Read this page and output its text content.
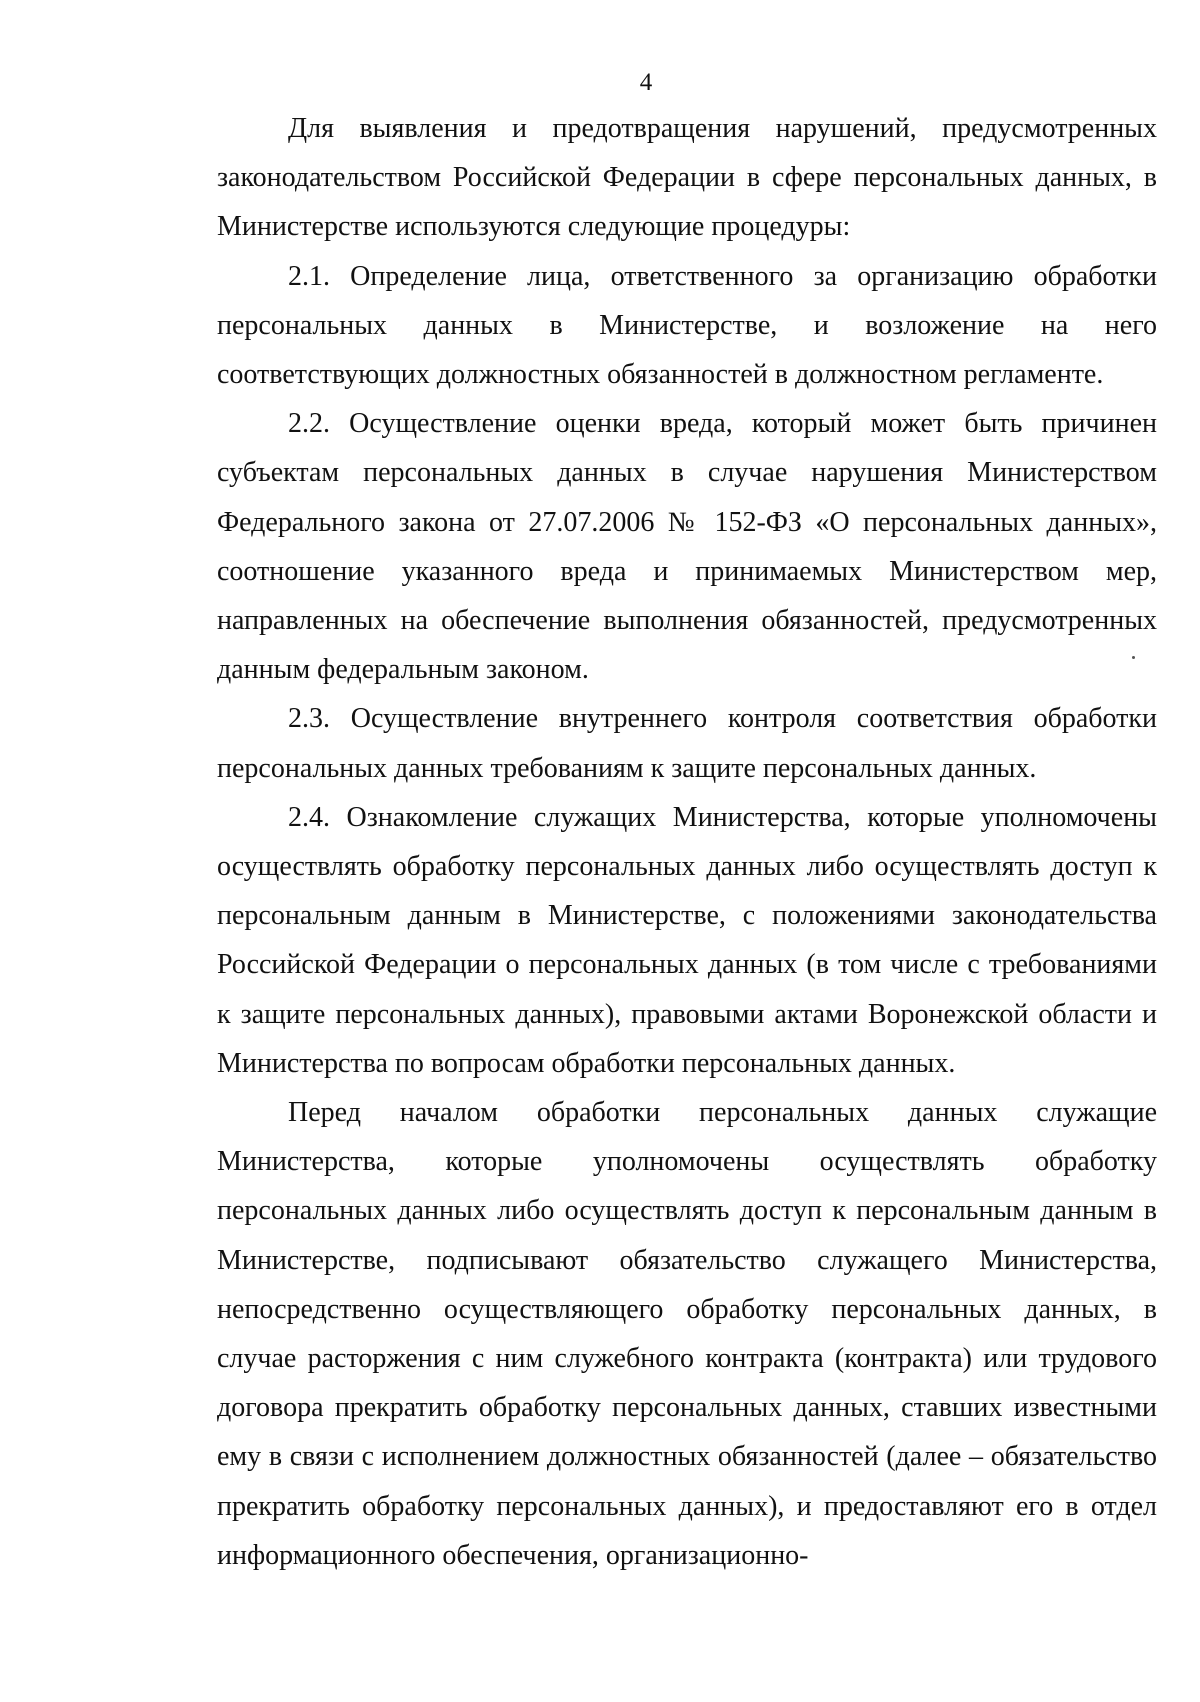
4

Для выявления и предотвращения нарушений, предусмотренных законодательством Российской Федерации в сфере персональных данных, в Министерстве используются следующие процедуры:

2.1. Определение лица, ответственного за организацию обработки персональных данных в Министерстве, и возложение на него соответствующих должностных обязанностей в должностном регламенте.

2.2. Осуществление оценки вреда, который может быть причинен субъектам персональных данных в случае нарушения Министерством Федерального закона от 27.07.2006 № 152-ФЗ «О персональных данных», соотношение указанного вреда и принимаемых Министерством мер, направленных на обеспечение выполнения обязанностей, предусмотренных данным федеральным законом.

2.3. Осуществление внутреннего контроля соответствия обработки персональных данных требованиям к защите персональных данных.

2.4. Ознакомление служащих Министерства, которые уполномочены осуществлять обработку персональных данных либо осуществлять доступ к персональным данным в Министерстве, с положениями законодательства Российской Федерации о персональных данных (в том числе с требованиями к защите персональных данных), правовыми актами Воронежской области и Министерства по вопросам обработки персональных данных.

Перед началом обработки персональных данных служащие Министерства, которые уполномочены осуществлять обработку персональных данных либо осуществлять доступ к персональным данным в Министерстве, подписывают обязательство служащего Министерства, непосредственно осуществляющего обработку персональных данных, в случае расторжения с ним служебного контракта (контракта) или трудового договора прекратить обработку персональных данных, ставших известными ему в связи с исполнением должностных обязанностей (далее – обязательство прекратить обработку персональных данных), и предоставляют его в отдел информационного обеспечения, организационно-
